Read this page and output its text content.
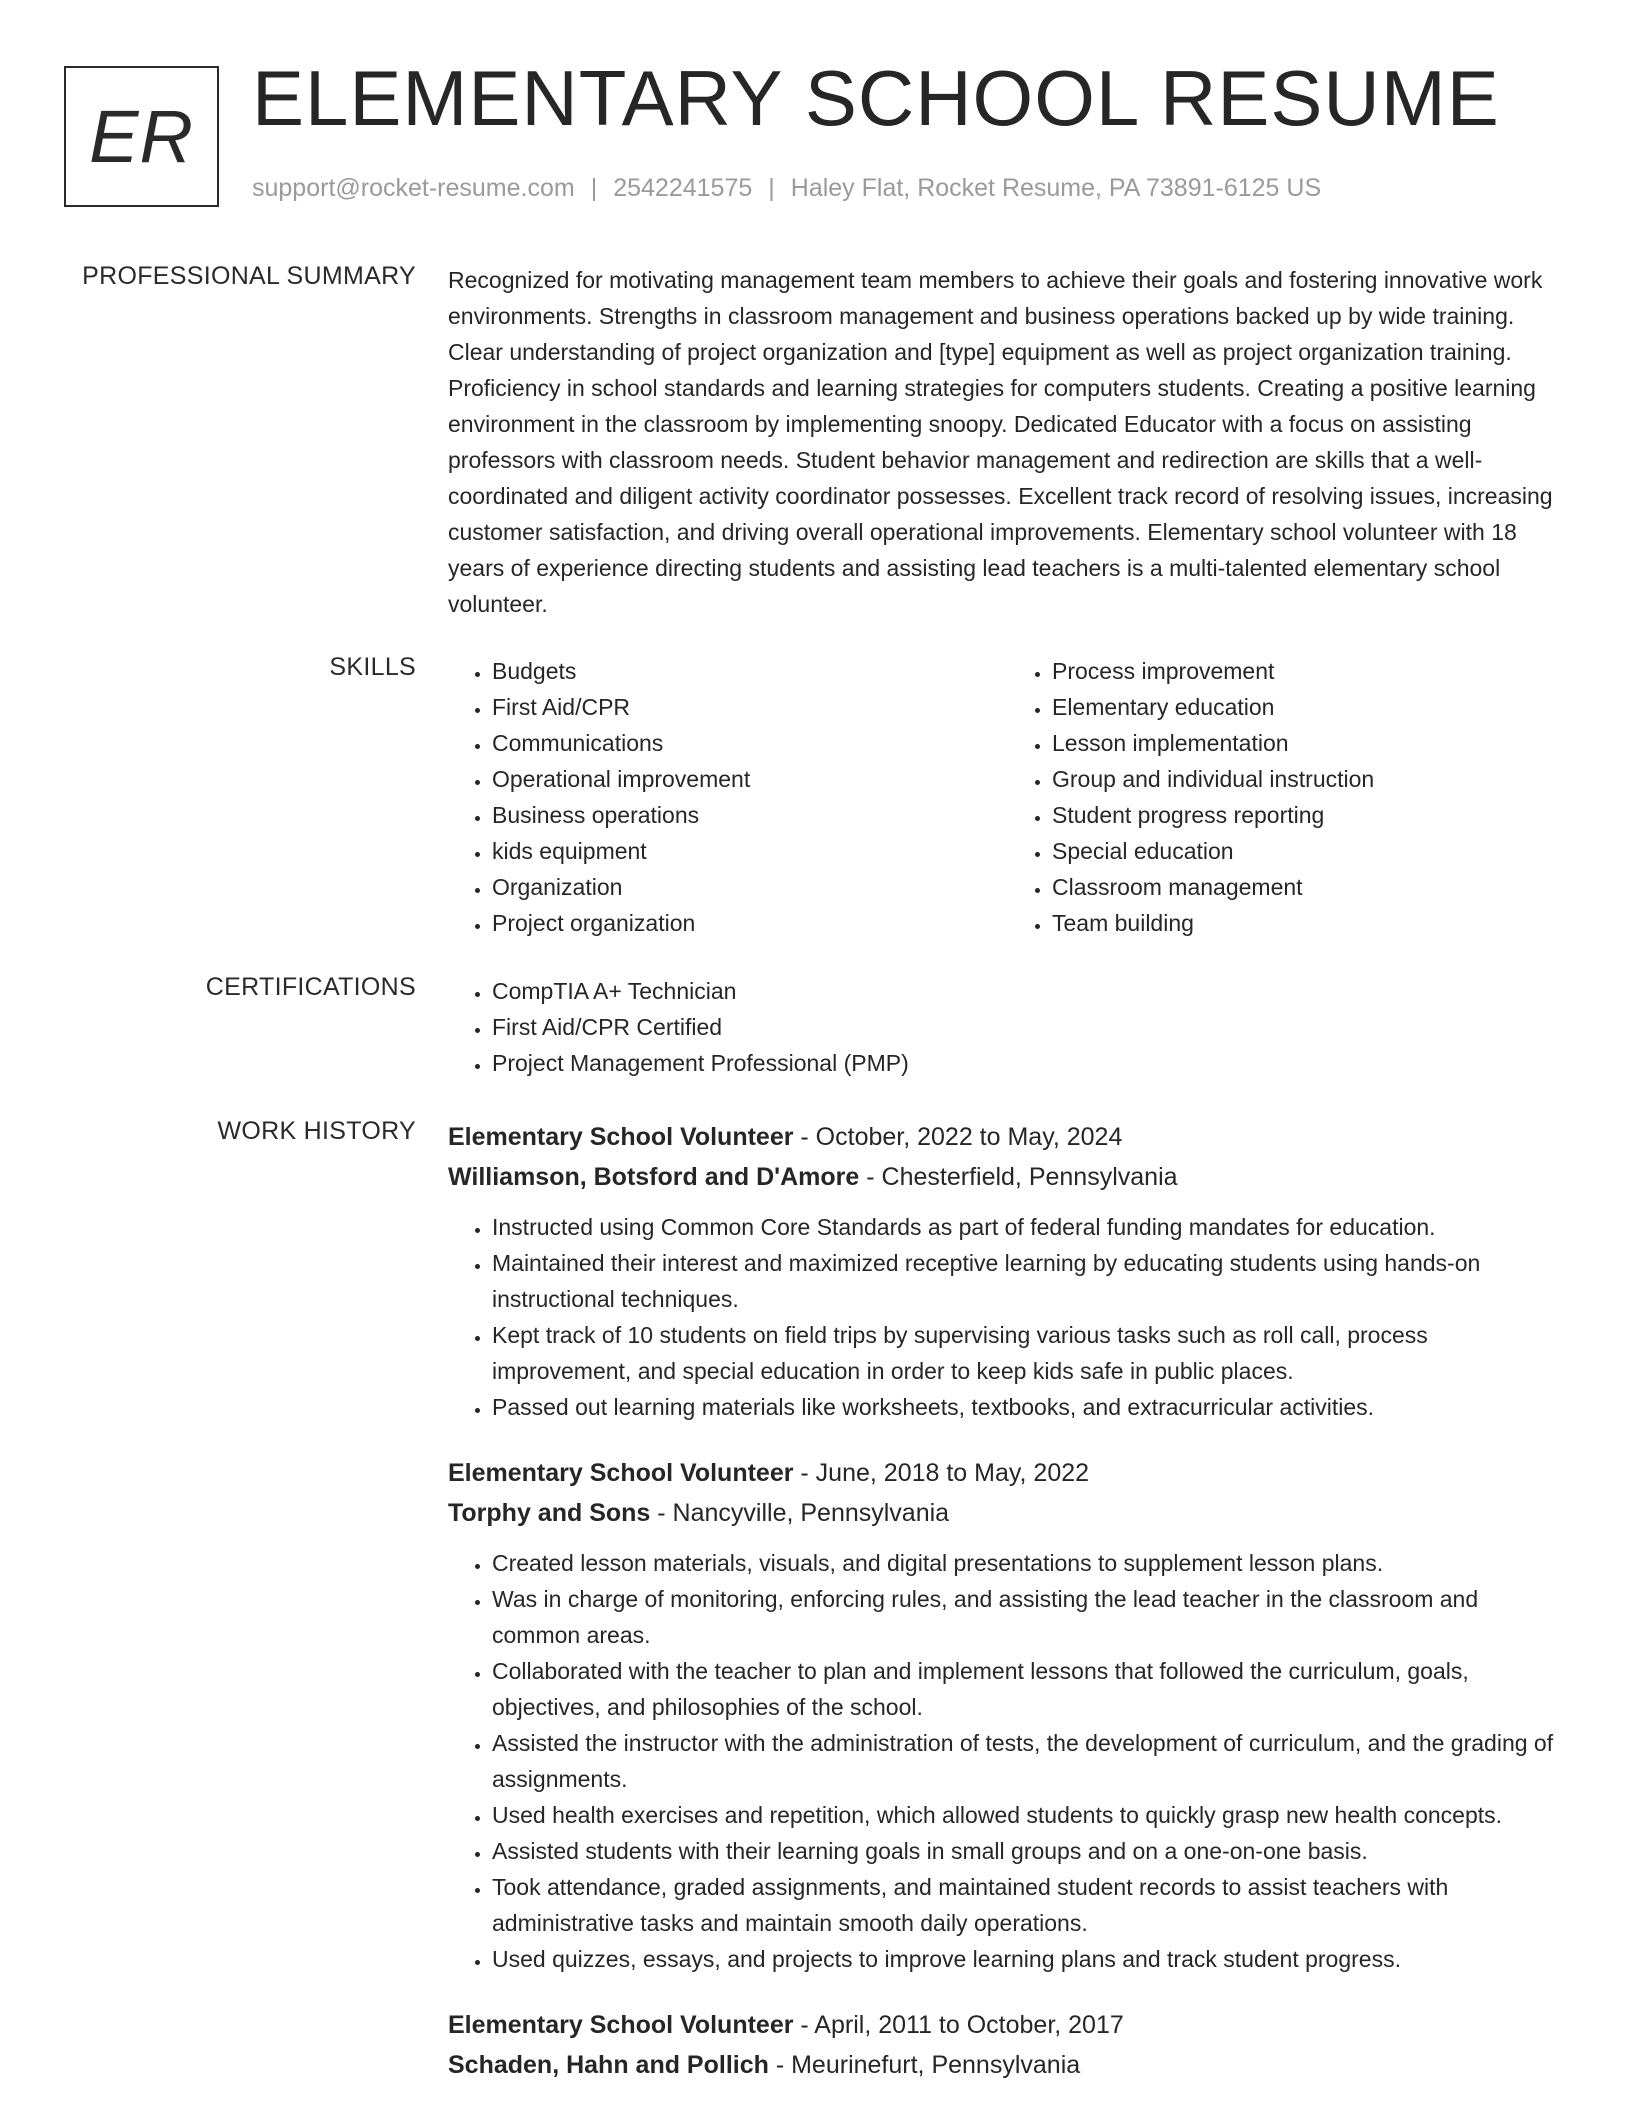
ER ELEMENTARY SCHOOL RESUME
support@rocket-resume.com | 2542241575 | Haley Flat, Rocket Resume, PA 73891-6125 US
PROFESSIONAL SUMMARY Recognized for motivating management team members to achieve their goals and fostering innovative work environments. Strengths in classroom management and business operations backed up by wide training. Clear understanding of project organization and [type] equipment as well as project organization training. Proficiency in school standards and learning strategies for computers students. Creating a positive learning environment in the classroom by implementing snoopy. Dedicated Educator with a focus on assisting professors with classroom needs. Student behavior management and redirection are skills that a well-coordinated and diligent activity coordinator possesses. Excellent track record of resolving issues, increasing customer satisfaction, and driving overall operational improvements. Elementary school volunteer with 18 years of experience directing students and assisting lead teachers is a multi-talented elementary school volunteer.

SKILLS	• Budgets
• First Aid/CPR
• Communications
• Operational improvement
• Business operations
• kids equipment
• Organization
• Project organization
• Process improvement
• Elementary education
• Lesson implementation
• Group and individual instruction
• Student progress reporting
• Special education
• Classroom management
• Team building
CERTIFICATIONS	• CompTIA A+ Technician
• First Aid/CPR Certified
• Project Management Professional (PMP)
WORK HISTORY Elementary School Volunteer - October, 2022 to May, 2024
Williamson, Botsford and D'Amore - Chesterfield, Pennsylvania
• Instructed using Common Core Standards as part of federal funding mandates for education.
• Maintained their interest and maximized receptive learning by educating students using hands-on instructional techniques.
• Kept track of 10 students on field trips by supervising various tasks such as roll call, process improvement, and special education in order to keep kids safe in public places.
• Passed out learning materials like worksheets, textbooks, and extracurricular activities.
Elementary School Volunteer - June, 2018 to May, 2022
Torphy and Sons - Nancyville, Pennsylvania
• Created lesson materials, visuals, and digital presentations to supplement lesson plans.
• Was in charge of monitoring, enforcing rules, and assisting the lead teacher in the classroom and common areas.
• Collaborated with the teacher to plan and implement lessons that followed the curriculum, goals, objectives, and philosophies of the school.
• Assisted the instructor with the administration of tests, the development of curriculum, and the grading of assignments.
• Used health exercises and repetition, which allowed students to quickly grasp new health concepts.
• Assisted students with their learning goals in small groups and on a one-on-one basis.
• Took attendance, graded assignments, and maintained student records to assist teachers with administrative tasks and maintain smooth daily operations.
• Used quizzes, essays, and projects to improve learning plans and track student progress.
Elementary School Volunteer - April, 2011 to October, 2017
Schaden, Hahn and Pollich - Meurinefurt, Pennsylvania
